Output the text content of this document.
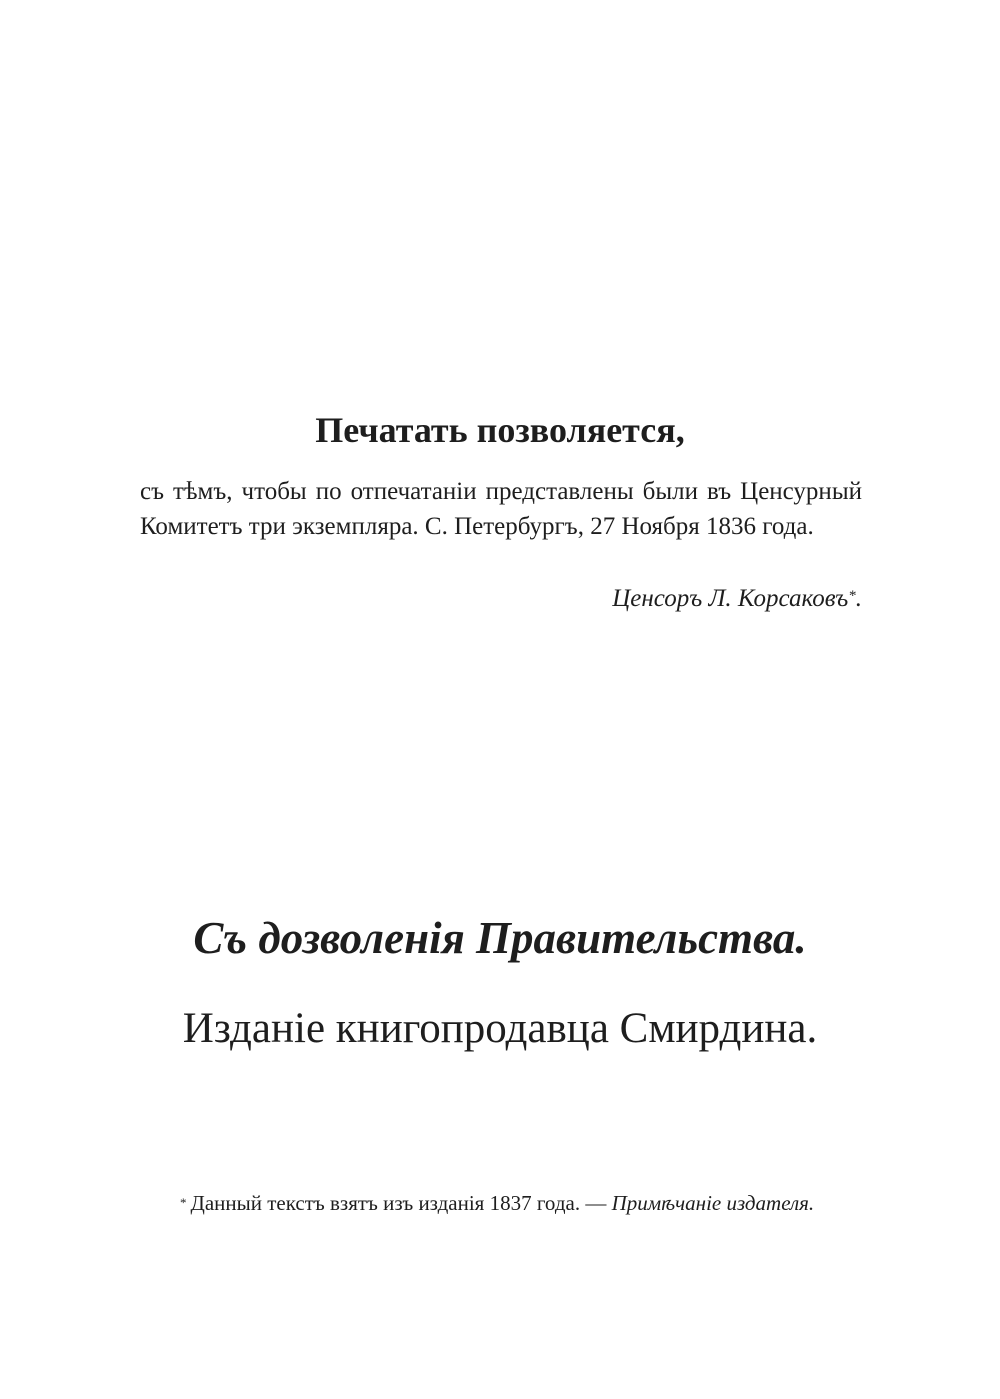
Печатать позволяется,

съ тѣмъ, чтобы по отпечатаніи представлены были въ Ценсурный Комитетъ три экземпляра. С. Петербургъ, 27 Ноября 1836 года.

Ценсоръ Л. Корсаковъ*.

Съ дозволенія Правительства.

Изданіе книгопродавца Смирдина.

* Данный текстъ взятъ изъ изданія 1837 года. — Примѣчаніе издателя.
